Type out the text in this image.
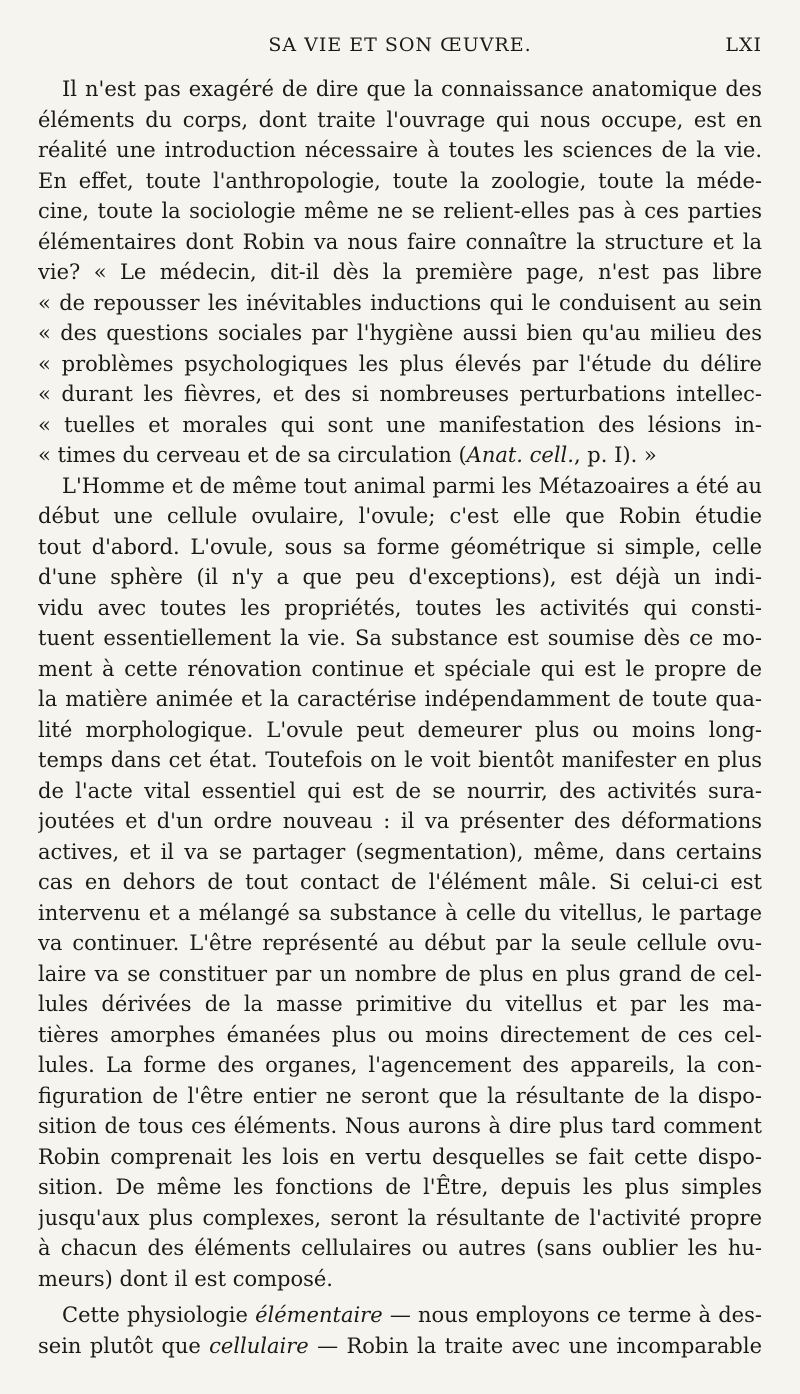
SA VIE ET SON ŒUVRE.	LXI
Il n'est pas exagéré de dire que la connaissance anatomique des
éléments du corps, dont traite l'ouvrage qui nous occupe, est en
réalité une introduction nécessaire à toutes les sciences de la vie.
En effet, toute l'anthropologie, toute la zoologie, toute la méde-
cine, toute la sociologie même ne se relient-elles pas à ces parties
élémentaires dont Robin va nous faire connaître la structure et la
vie? « Le médecin, dit-il dès la première page, n'est pas libre
« de repousser les inévitables inductions qui le conduisent au sein
« des questions sociales par l'hygiène aussi bien qu'au milieu des
« problèmes psychologiques les plus élevés par l'étude du délire
« durant les fièvres, et des si nombreuses perturbations intellec-
« tuelles et morales qui sont une manifestation des lésions in-
« times du cerveau et de sa circulation (Anat. cell., p. I). »
L'Homme et de même tout animal parmi les Métazoaires a été au
début une cellule ovulaire, l'ovule; c'est elle que Robin étudie
tout d'abord. L'ovule, sous sa forme géométrique si simple, celle
d'une sphère (il n'y a que peu d'exceptions), est déjà un indi-
vidu avec toutes les propriétés, toutes les activités qui consti-
tuent essentiellement la vie. Sa substance est soumise dès ce mo-
ment à cette rénovation continue et spéciale qui est le propre de
la matière animée et la caractérise indépendamment de toute qua-
lité morphologique. L'ovule peut demeurer plus ou moins long-
temps dans cet état. Toutefois on le voit bientôt manifester en plus
de l'acte vital essentiel qui est de se nourrir, des activités sura-
joutées et d'un ordre nouveau : il va présenter des déformations
actives, et il va se partager (segmentation), même, dans certains
cas en dehors de tout contact de l'élément mâle. Si celui-ci est
intervenu et a mélangé sa substance à celle du vitellus, le partage
va continuer. L'être représenté au début par la seule cellule ovu-
laire va se constituer par un nombre de plus en plus grand de cel-
lules dérivées de la masse primitive du vitellus et par les ma-
tières amorphes émanées plus ou moins directement de ces cel-
lules. La forme des organes, l'agencement des appareils, la con-
figuration de l'être entier ne seront que la résultante de la dispo-
sition de tous ces éléments. Nous aurons à dire plus tard comment
Robin comprenait les lois en vertu desquelles se fait cette dispo-
sition. De même les fonctions de l'Être, depuis les plus simples
jusqu'aux plus complexes, seront la résultante de l'activité propre
à chacun des éléments cellulaires ou autres (sans oublier les hu-
meurs) dont il est composé.
Cette physiologie élémentaire — nous employons ce terme à des-
sein plutôt que cellulaire — Robin la traite avec une incomparable
